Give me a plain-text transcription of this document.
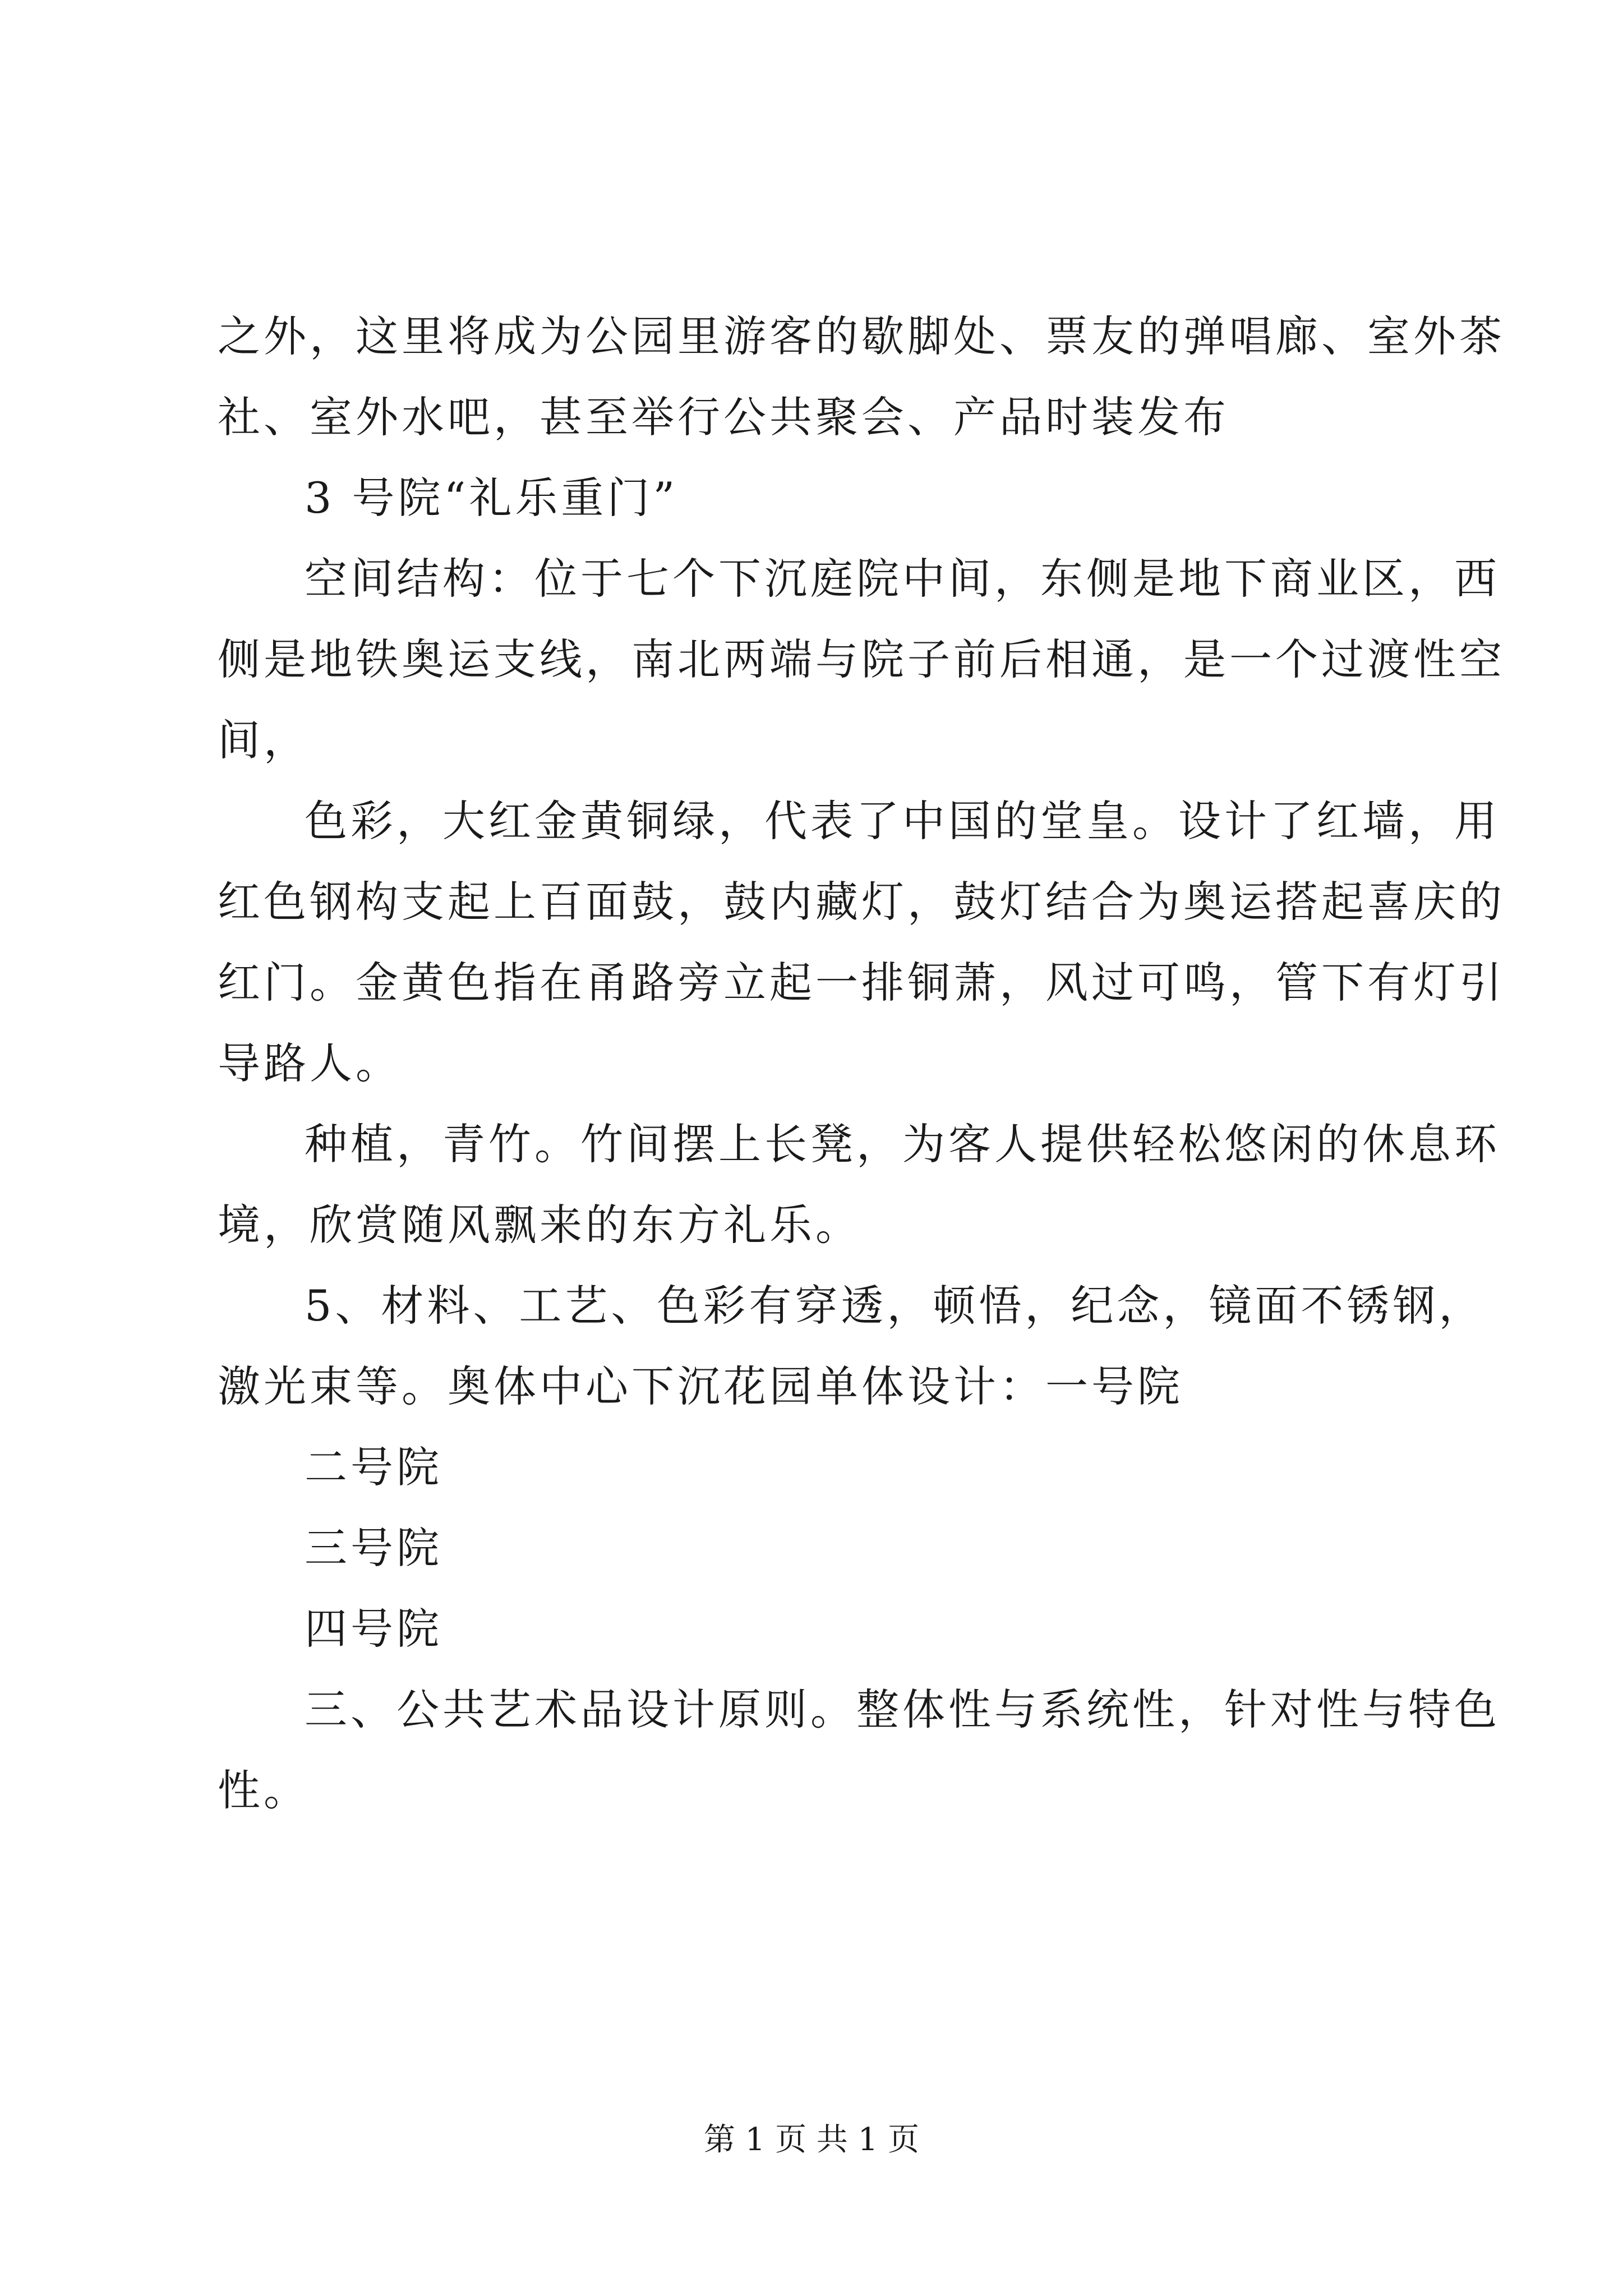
之外，这里将成为公园里游客的歇脚处、票友的弹唱廊、室外茶
社、室外水吧，甚至举行公共聚会、产品时装发布
3 号院“礼乐重门”
空间结构：位于七个下沉庭院中间，东侧是地下商业区，西
侧是地铁奥运支线，南北两端与院子前后相通，是一个过渡性空
间，
色彩，大红金黄铜绿，代表了中国的堂皇。设计了红墙，用
红色钢构支起上百面鼓，鼓内藏灯，鼓灯结合为奥运搭起喜庆的
红门。金黄色指在甬路旁立起一排铜萧，风过可鸣，管下有灯引
导路人。
种植，青竹。竹间摆上长凳，为客人提供轻松悠闲的休息环
境，欣赏随风飘来的东方礼乐。
5、材料、工艺、色彩有穿透，顿悟，纪念，镜面不锈钢，
激光束等。奥体中心下沉花园单体设计：一号院
二号院
三号院
四号院
三、公共艺术品设计原则。整体性与系统性，针对性与特色
性。
第 1 页 共 1 页
